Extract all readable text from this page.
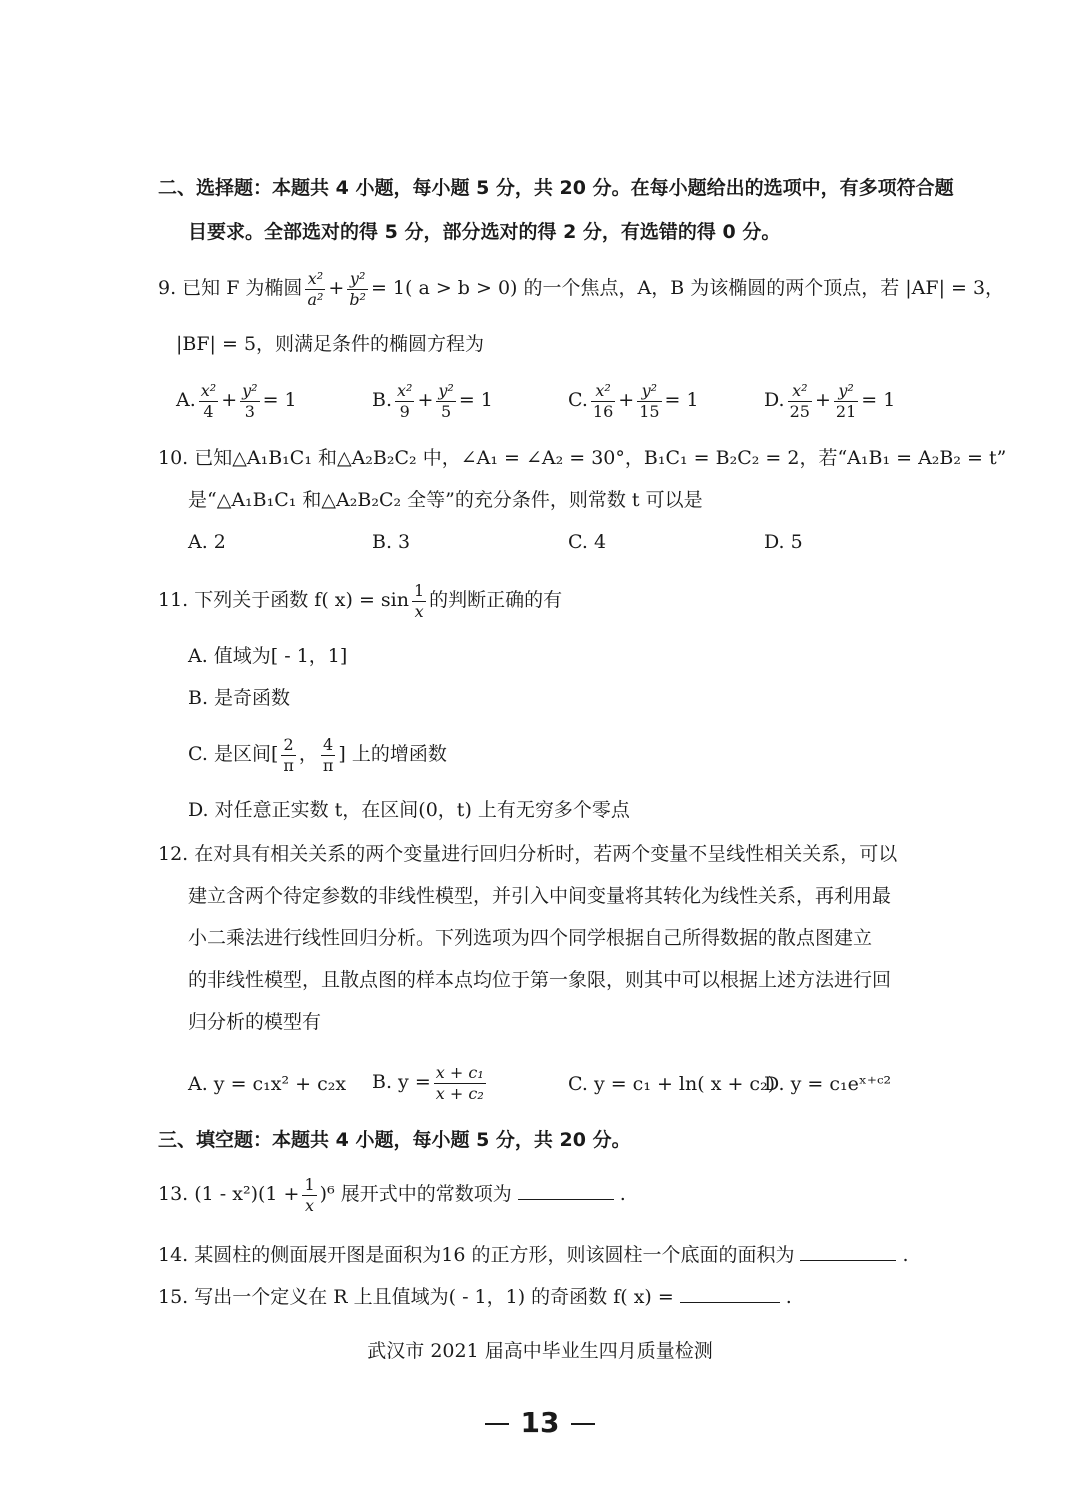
二、选择题：本题共 4 小题，每小题 5 分，共 20 分。在每小题给出的选项中，有多项符合题
目要求。全部选对的得 5 分，部分选对的得 2 分，有选错的得 0 分。
9. 已知 F 为椭圆 $\frac{\text{x²}}{\text{a²}} + \frac{\text{y²}}{\text{b²}} = 1$( a > b > 0) 的一个焦点，A，B 为该椭圆的两个顶点，若 |AF| = 3，
|BF| = 5，则满足条件的椭圆方程为
A. $\frac{\text{x²}}{4} + \frac{\text{y²}}{3} = 1$	B. $\frac{\text{x²}}{9} + \frac{\text{y²}}{5} = 1$	C. $\frac{\text{x²}}{16} + \frac{\text{y²}}{15} = 1$	D. $\frac{\text{x²}}{25} + \frac{\text{y²}}{21} = 1$
10. 已知△A₁B₁C₁ 和△A₂B₂C₂ 中，∠A₁ = ∠A₂ = 30°，B₁C₁ = B₂C₂ = 2，若“A₁B₁ = A₂B₂ = t”
是“△A₁B₁C₁ 和△A₂B₂C₂ 全等”的充分条件，则常数 t 可以是
A. 2	B. 3	C. 4	D. 5
11. 下列关于函数 f( $x) = \sin \frac{1}{x}$ 的判断正确的有
A. 值域为[ - 1，1]
B. 是奇函数
C. 是区间[ $\frac{2}{\pi}$ ， $\frac{4}{\pi}$ ] 上的增函数
D. 对任意正实数 t，在区间(0，t) 上有无穷多个零点
12. 在对具有相关关系的两个变量进行回归分析时，若两个变量不呈线性相关关系，可以
建立含两个待定参数的非线性模型，并引入中间变量将其转化为线性关系，再利用最
小二乘法进行线性回归分析。下列选项为四个同学根据自己所得数据的散点图建立
的非线性模型，且散点图的样本点均位于第一象限，则其中可以根据上述方法进行回
归分析的模型有
A. y = c₁x² + c₂x B. $y = \frac{\text{x + c₁}}{\text{x + c₂}}$	C. y = c₁ + ln( x + c₂)
D. y = c₁eˣ⁺ᶜ²
三、填空题：本题共 4 小题，每小题 5 分，共 20 分。
13. $(1 - x^2)(1 + \frac{1}{x} )^6$ 展开式中的常数项为	.
14. 某圆柱的侧面展开图是面积为16 的正方形，则该圆柱一个底面的面积为	.
15. 写出一个定义在 R 上且值域为( - 1，1) 的奇函数 f( x) =	.
武汉市 2021 届高中毕业生四月质量检测
13
